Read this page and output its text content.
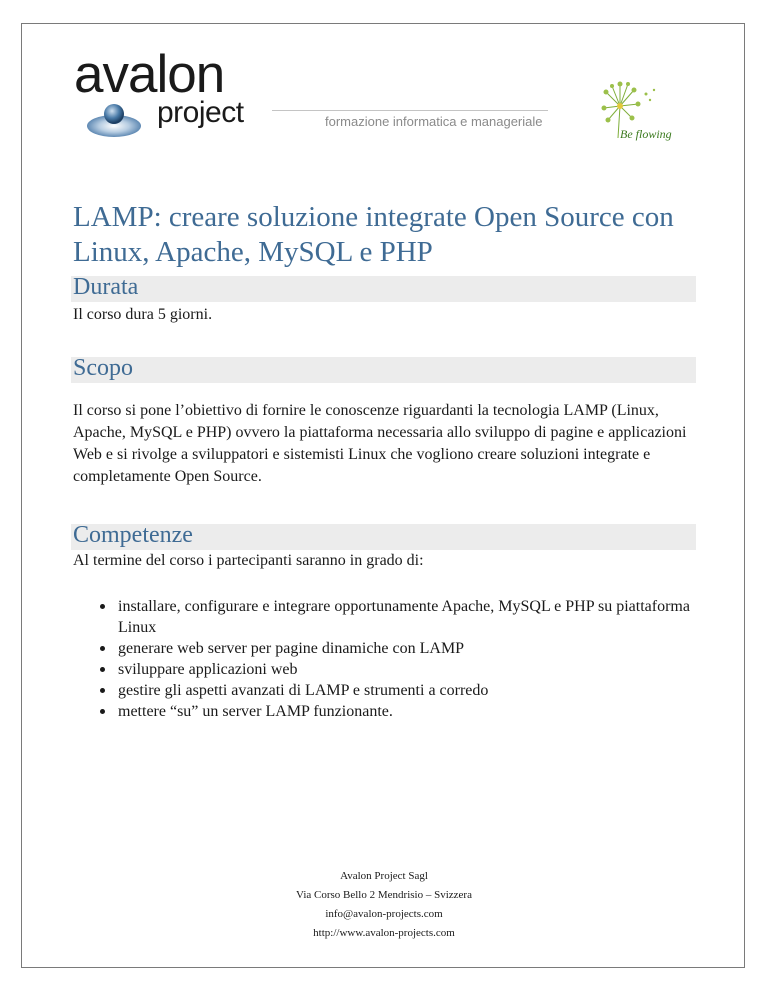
avalon
project	formazione informatica e manageriale
Be flowing
LAMP: creare soluzione integrate Open Source con Linux, Apache, MySQL e PHP
Durata

Il corso dura 5 giorni.

Scopo

Il corso si pone l’obiettivo di fornire le conoscenze riguardanti la tecnologia LAMP (Linux, Apache, MySQL e PHP) ovvero la piattaforma necessaria allo sviluppo di pagine e applicazioni Web e si rivolge a sviluppatori e sistemisti Linux che vogliono creare soluzioni integrate e completamente Open Source.

Competenze

Al termine del corso i partecipanti saranno in grado di:

installare, configurare e integrare opportunamente Apache, MySQL e PHP su piattaforma Linux
generare web server per pagine dinamiche con LAMP
sviluppare applicazioni web
gestire gli aspetti avanzati di LAMP e strumenti a corredo
mettere “su” un server LAMP funzionante.
Avalon Project Sagl
Via Corso Bello 2 Mendrisio – Svizzera
info@avalon-projects.com
http://www.avalon-projects.com
